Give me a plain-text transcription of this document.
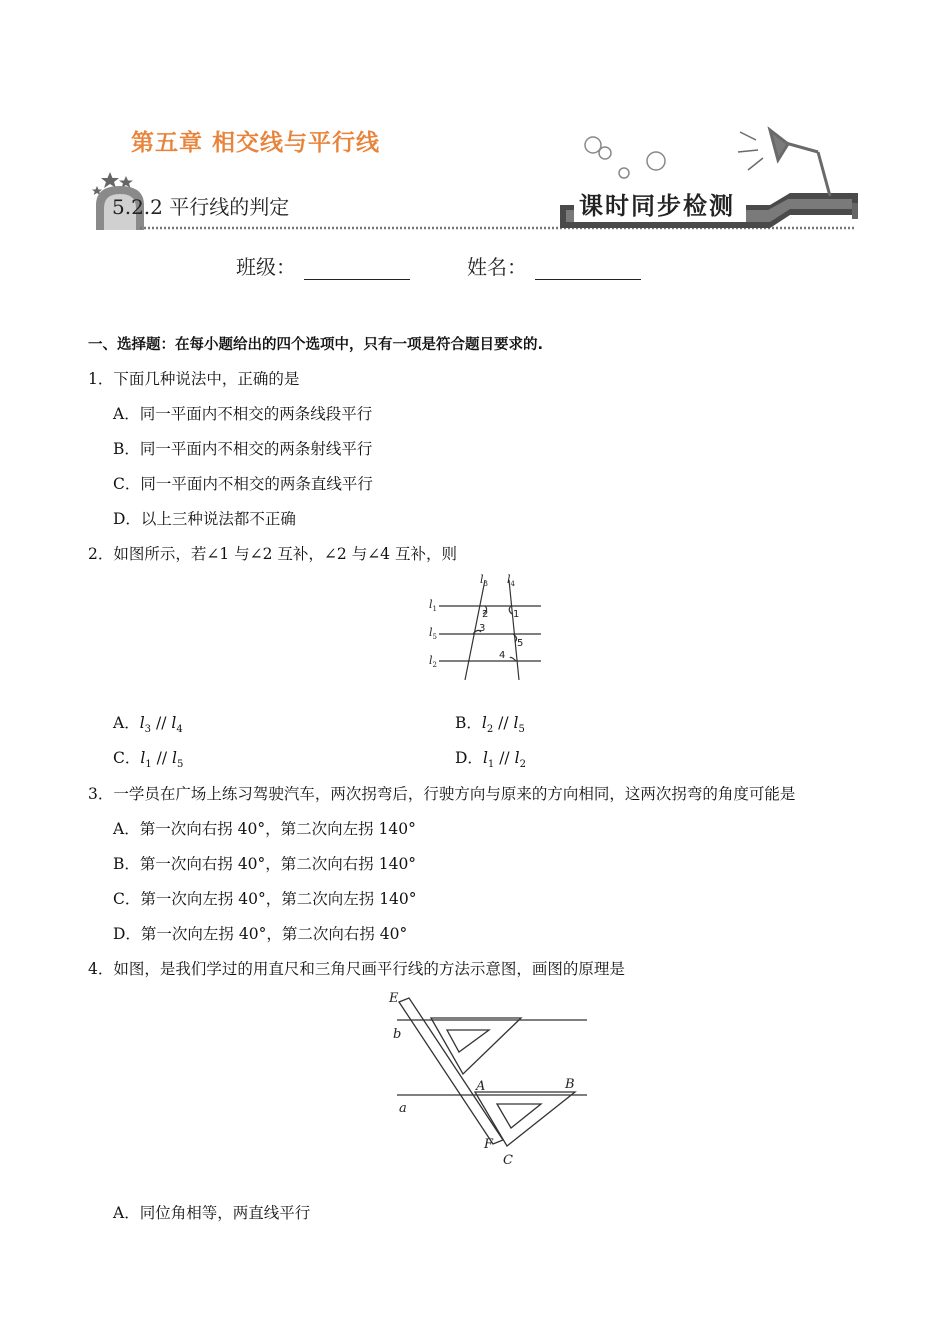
第五章 相交线与平行线
5.2.2 平行线的判定	课时同步检测
班级：	姓名：
一、选择题：在每小题给出的四个选项中，只有一项是符合题目要求的.
1．下面几种说法中，正确的是
A．同一平面内不相交的两条线段平行
B．同一平面内不相交的两条射线平行
C．同一平面内不相交的两条直线平行
D．以上三种说法都不正确
2．如图所示，若∠1 与∠2 互补，∠2 与∠4 互补，则
$l_3$ $l_4$
$l_1$
$l_5$
$l_2$
2 1
3
5
4
A．$l_3 // l_4$	B．$l_2 // l_5$
C．$l_1 // l_5$	D．$l_1 // l_2$
3．一学员在广场上练习驾驶汽车，两次拐弯后，行驶方向与原来的方向相同，这两次拐弯的角度可能是
A．第一次向右拐 40°，第二次向左拐 140°
B．第一次向右拐 40°，第二次向右拐 140°
C．第一次向左拐 40°，第二次向左拐 140°
D．第一次向左拐 40°，第二次向右拐 40°
4．如图，是我们学过的用直尺和三角尺画平行线的方法示意图，画图的原理是
E
b
A	B
a
F
C
A．同位角相等，两直线平行
